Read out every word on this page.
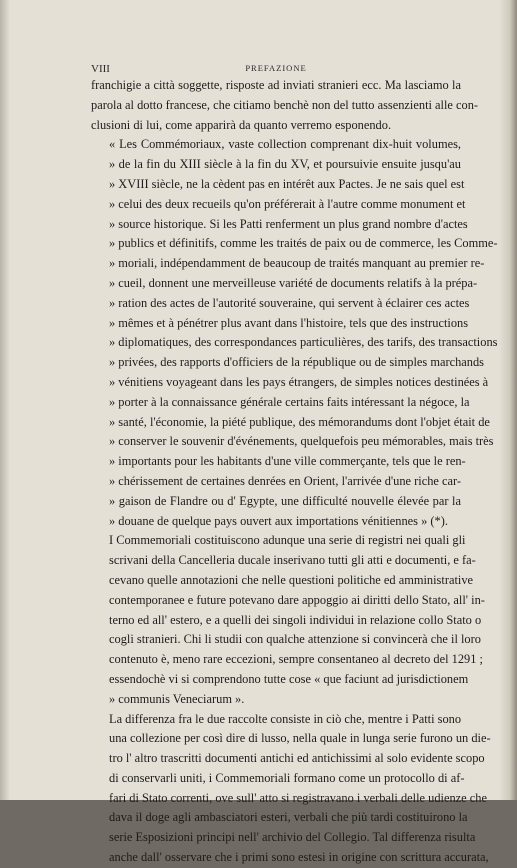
VIII	PREFAZIONE

franchigie a città soggette, risposte ad inviati stranieri ecc. Ma lasciamo la
parola al dotto francese, che citiamo benchè non del tutto assenzienti alle con-
clusioni di lui, come apparirà da quanto verremo esponendo.

« Les Commémoriaux, vaste collection comprenant dix-huit volumes,
» de la fin du XIII siècle à la fin du XV, et poursuivie ensuite jusqu'au
» XVIII siècle, ne la cèdent pas en intérêt aux Pactes. Je ne sais quel est
» celui des deux recueils qu'on préférerait à l'autre comme monument et
» source historique. Si les Patti renferment un plus grand nombre d'actes
» publics et définitifs, comme les traités de paix ou de commerce, les Comme-
» moriali, indépendamment de beaucoup de traités manquant au premier re-
» cueil, donnent une merveilleuse variété de documents relatifs à la prépa-
» ration des actes de l'autorité souveraine, qui servent à éclairer ces actes
» mêmes et à pénétrer plus avant dans l'histoire, tels que des instructions
» diplomatiques, des correspondances particulières, des tarifs, des transactions
» privées, des rapports d'officiers de la république ou de simples marchands
» vénitiens voyageant dans les pays étrangers, de simples notices destinées à
» porter à la connaissance générale certains faits intéressant la négoce, la
» santé, l'économie, la piété publique, des mémorandums dont l'objet était de
» conserver le souvenir d'événements, quelquefois peu mémorables, mais très
» importants pour les habitants d'une ville commerçante, tels que le ren-
» chérissement de certaines denrées en Orient, l'arrivée d'une riche car-
» gaison de Flandre ou d' Egypte, une difficulté nouvelle élevée par la
» douane de quelque pays ouvert aux importations vénitiennes » (*).

I Commemoriali costituiscono adunque una serie di registri nei quali gli
scrivani della Cancelleria ducale inserivano tutti gli atti e documenti, e fa-
cevano quelle annotazioni che nelle questioni politiche ed amministrative
contemporanee e future potevano dare appoggio ai diritti dello Stato, all' in-
terno ed all' estero, e a quelli dei singoli individui in relazione collo Stato o
cogli stranieri. Chi li studii con qualche attenzione si convincerà che il loro
contenuto è, meno rare eccezioni, sempre consentaneo al decreto del 1291 ;
essendochè vi si comprendono tutte cose « que faciunt ad jurisdictionem
» communis Veneciarum ».

La differenza fra le due raccolte consiste in ciò che, mentre i Patti sono
una collezione per così dire di lusso, nella quale in lunga serie furono un die-
tro l' altro trascritti documenti antichi ed antichissimi al solo evidente scopo
di conservarli uniti, i Commemoriali formano come un protocollo di af-
fari di Stato correnti, ove sull' atto si registravano i verbali delle udienze che
dava il doge agli ambasciatori esteri, verbali che più tardi costituirono la
serie Esposizioni principi nell' archivio del Collegio. Tal differenza risulta
anche dall' osservare che i primi sono estesi in origine con scrittura accurata,
